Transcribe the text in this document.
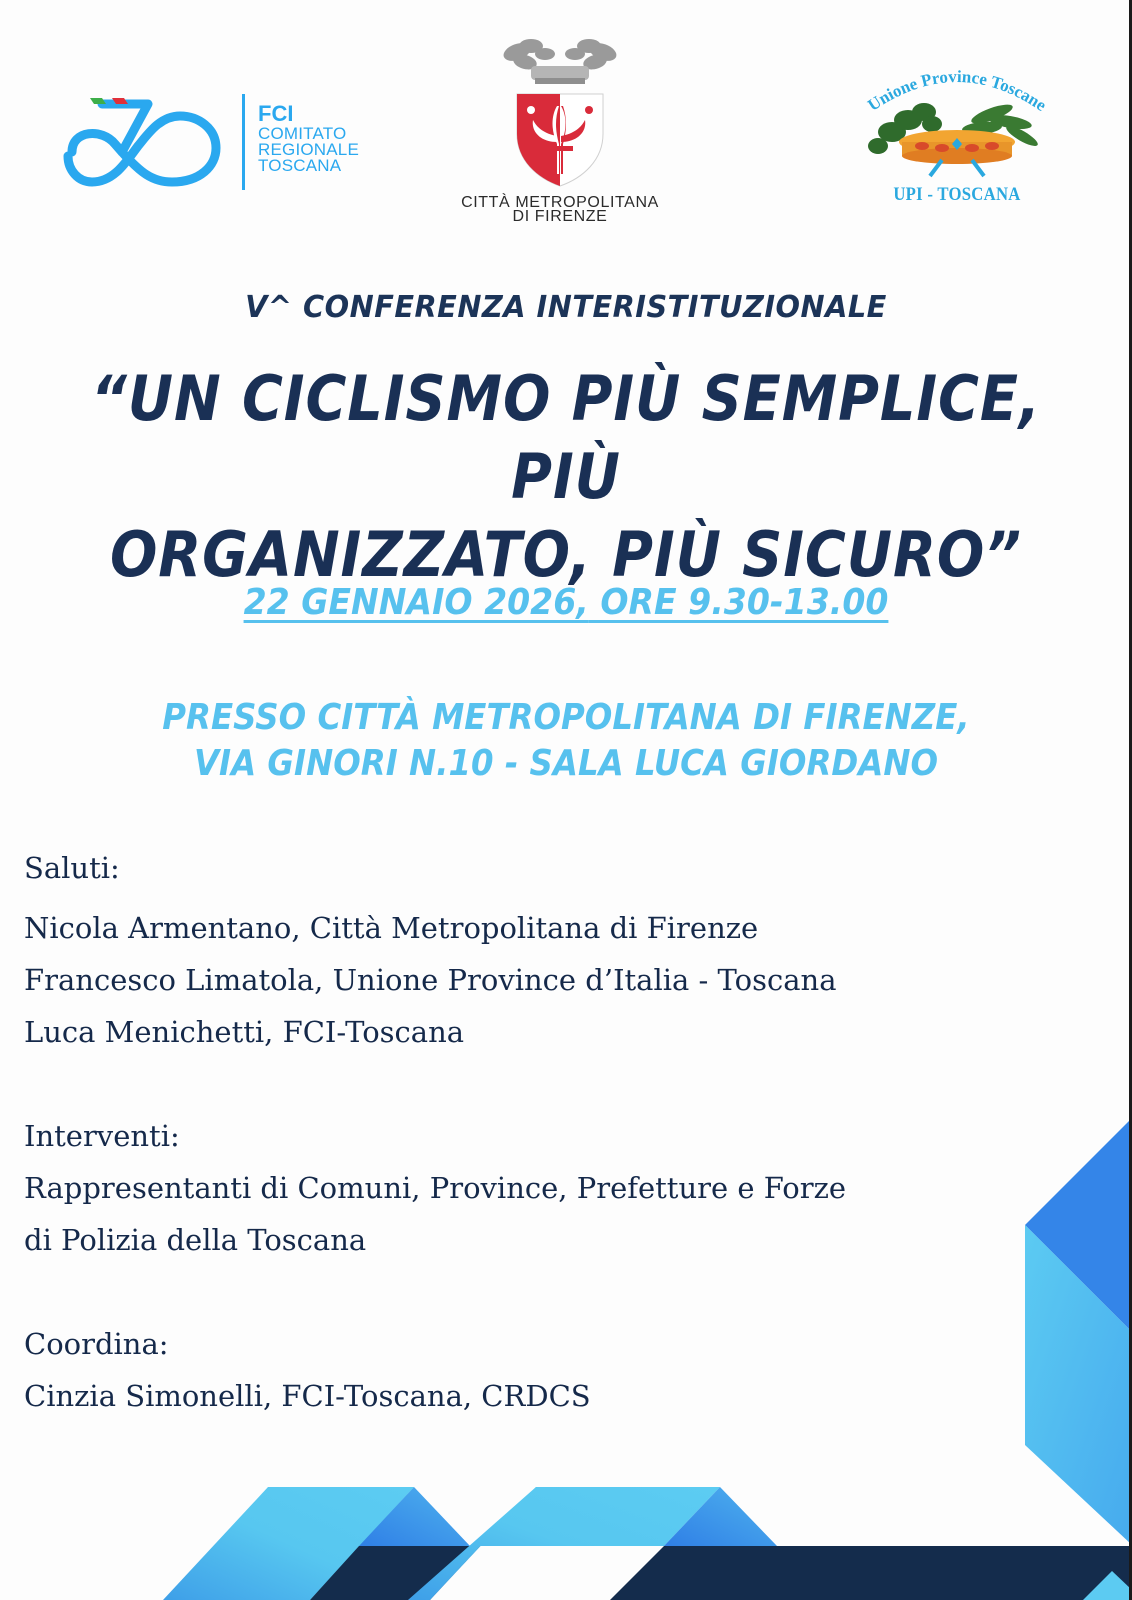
FCI
COMITATO
REGIONALE
TOSCANA
CITTÀ METROPOLITANA
DI FIRENZE
Unione Province Toscane
UPI - TOSCANA
V^ CONFERENZA INTERISTITUZIONALE
“UN CICLISMO PIÙ SEMPLICE, PIÙ
ORGANIZZATO, PIÙ SICURO”
22 GENNAIO 2026, ORE 9.30-13.00
PRESSO CITTÀ METROPOLITANA DI FIRENZE,
VIA GINORI N.10 - SALA LUCA GIORDANO
Saluti:
Nicola Armentano, Città Metropolitana di Firenze
Francesco Limatola, Unione Province d’Italia - Toscana
Luca Menichetti, FCI-Toscana
Interventi:
Rappresentanti di Comuni, Province, Prefetture e Forze
di Polizia della Toscana
Coordina:
Cinzia Simonelli, FCI-Toscana, CRDCS
